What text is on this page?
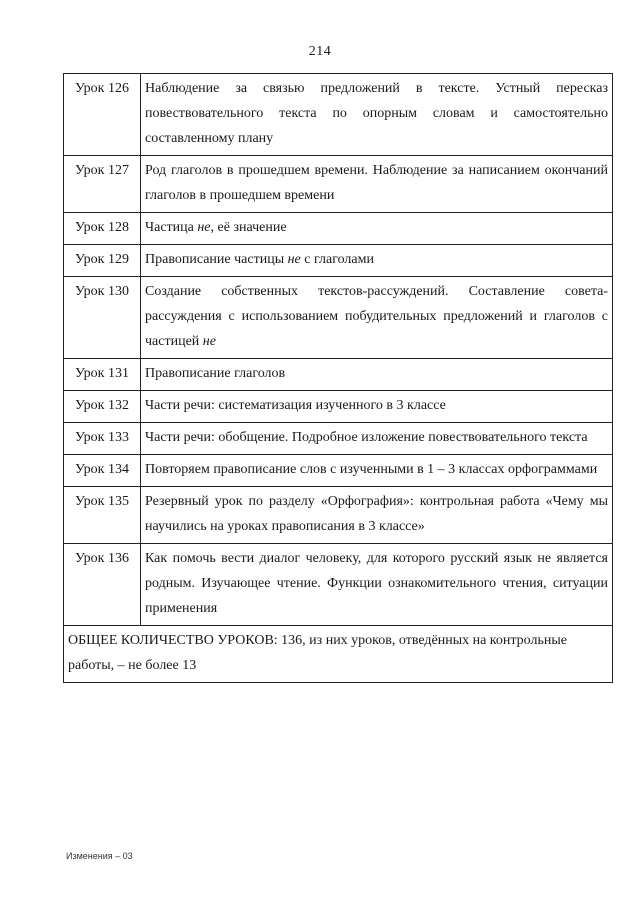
214
Урок 126	Наблюдение за связью предложений в тексте. Устный пересказ повествовательного текста по опорным словам и самостоятельно составленному плану
Урок 127	Род глаголов в прошедшем времени. Наблюдение за написанием окончаний глаголов в прошедшем времени
Урок 128	Частица не, её значение
Урок 129	Правописание частицы не с глаголами
Урок 130	Создание собственных текстов-рассуждений. Составление совета-рассуждения с использованием побудительных предложений и глаголов с частицей не
Урок 131	Правописание глаголов
Урок 132	Части речи: систематизация изученного в 3 классе
Урок 133	Части речи: обобщение. Подробное изложение повествовательного текста
Урок 134	Повторяем правописание слов с изученными в 1 – 3 классах орфограммами
Урок 135	Резервный урок по разделу «Орфография»: контрольная работа «Чему мы научились на уроках правописания в 3 классе»
Урок 136	Как помочь вести диалог человеку, для которого русский язык не является родным. Изучающее чтение. Функции ознакомительного чтения, ситуации применения
ОБЩЕЕ КОЛИЧЕСТВО УРОКОВ: 136, из них уроков, отведённых на контрольные работы, – не более 13	
Изменения – 03
